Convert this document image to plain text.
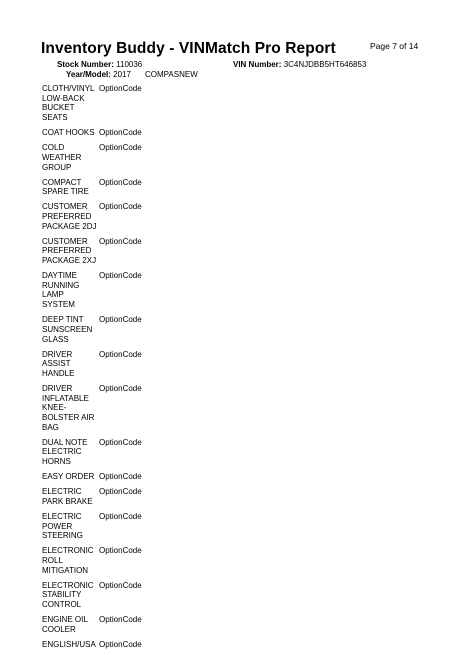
Inventory Buddy - VINMatch Pro Report	Page 7 of 14
Stock Number: 110036	VIN Number: 3C4NJDBB5HT646853
Year/Model: 2017 COMPASNEW
CLOTH/VINYL LOW-BACK BUCKET SEATS
OptionCode
COAT HOOKS OptionCode
COLD WEATHER GROUP
OptionCode
COMPACT SPARE TIRE
OptionCode
CUSTOMER PREFERRED PACKAGE 2DJ
OptionCode
CUSTOMER PREFERRED PACKAGE 2XJ
OptionCode
DAYTIME RUNNING LAMP SYSTEM
OptionCode
DEEP TINT SUNSCREEN GLASS
OptionCode
DRIVER ASSIST HANDLE
OptionCode
DRIVER INFLATABLE KNEE-BOLSTER AIR BAG
OptionCode
DUAL NOTE ELECTRIC HORNS
OptionCode
EASY ORDER OptionCode
ELECTRIC PARK BRAKE
OptionCode
ELECTRIC POWER STEERING
OptionCode
ELECTRONIC ROLL MITIGATION
OptionCode
ELECTRONIC STABILITY CONTROL
OptionCode
ENGINE OIL COOLER
OptionCode
ENGLISH/USA OptionCode
